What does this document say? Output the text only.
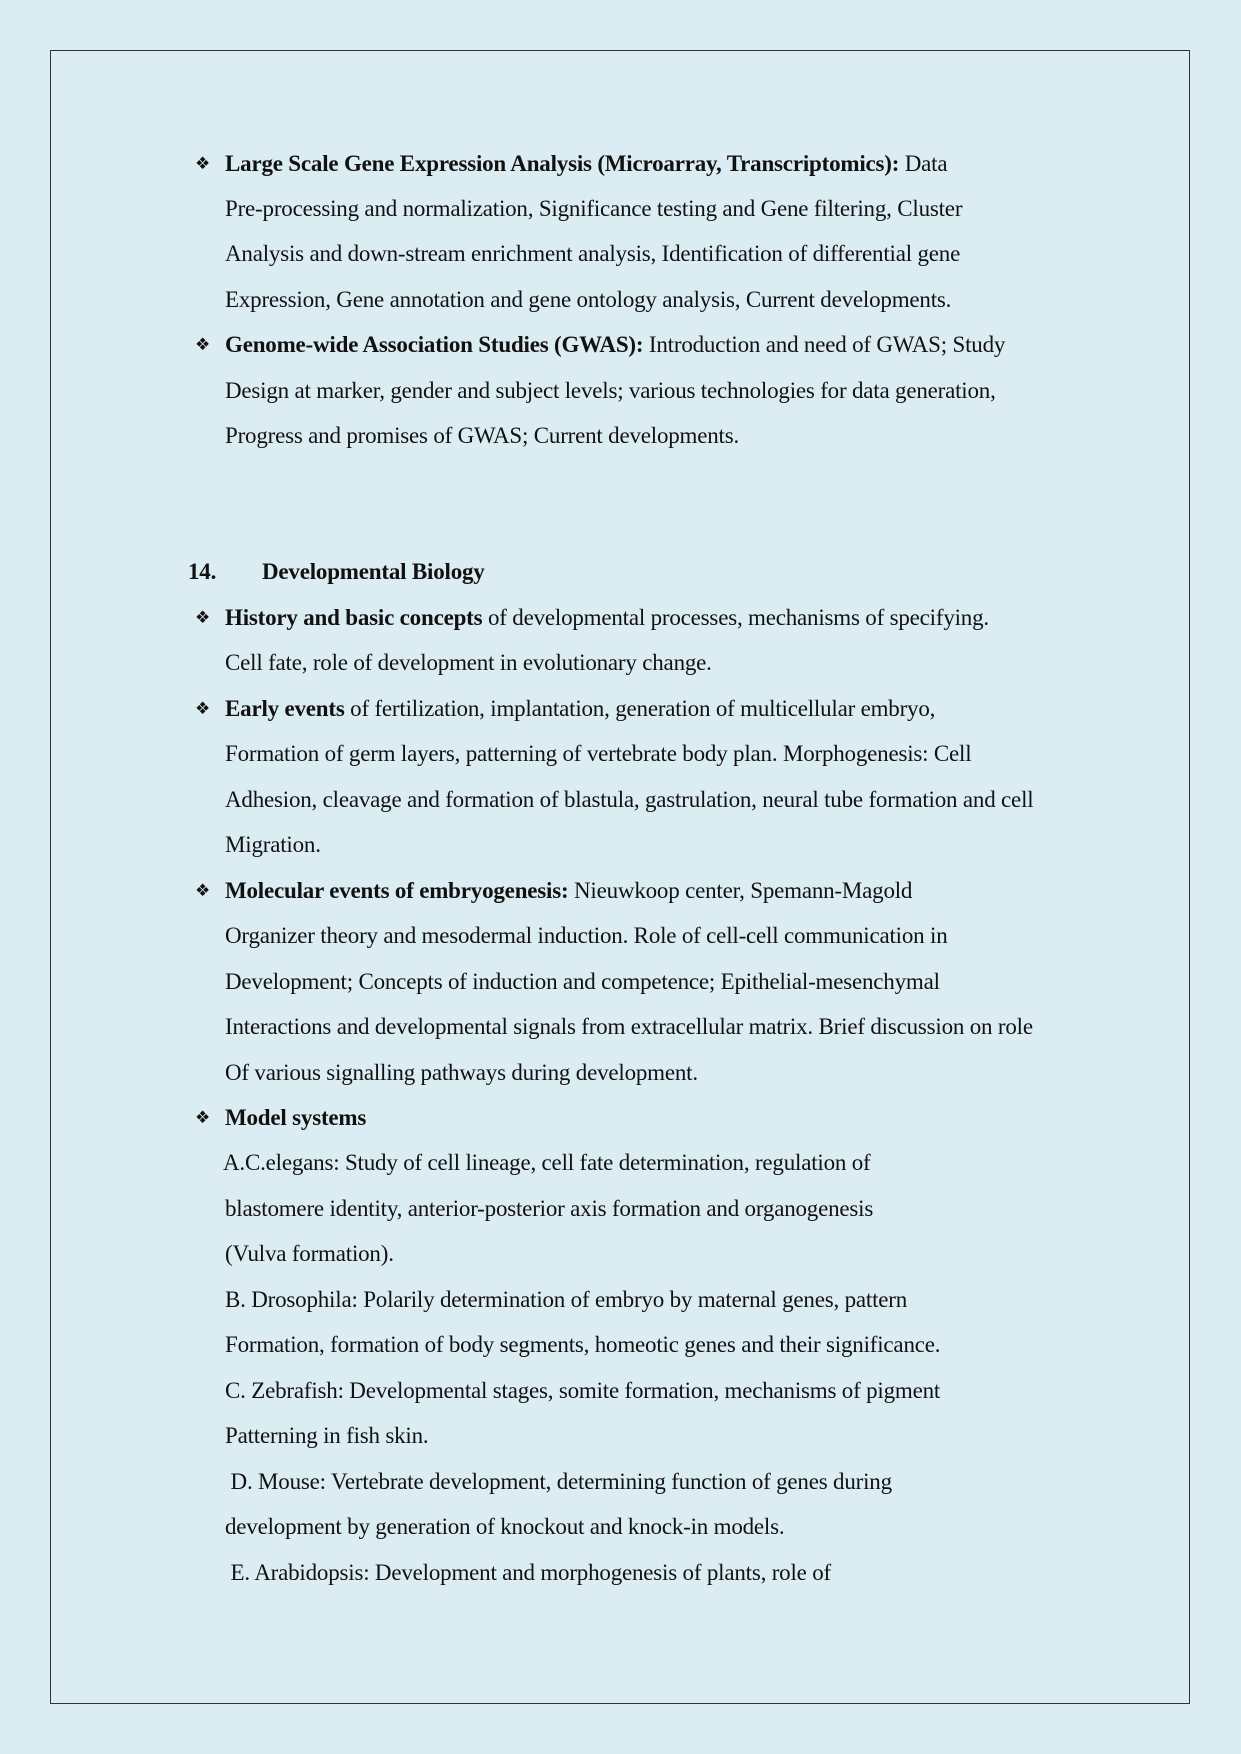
❖ Large Scale Gene Expression Analysis (Microarray, Transcriptomics): Data
Pre-processing and normalization, Significance testing and Gene filtering, Cluster
Analysis and down-stream enrichment analysis, Identification of differential gene
Expression, Gene annotation and gene ontology analysis, Current developments.
❖ Genome-wide Association Studies (GWAS): Introduction and need of GWAS; Study
Design at marker, gender and subject levels; various technologies for data generation,
Progress and promises of GWAS; Current developments.
14. Developmental Biology
❖ History and basic concepts of developmental processes, mechanisms of specifying.
Cell fate, role of development in evolutionary change.
❖ Early events of fertilization, implantation, generation of multicellular embryo,
Formation of germ layers, patterning of vertebrate body plan. Morphogenesis: Cell
Adhesion, cleavage and formation of blastula, gastrulation, neural tube formation and cell
Migration.
❖ Molecular events of embryogenesis: Nieuwkoop center, Spemann-Magold
Organizer theory and mesodermal induction. Role of cell-cell communication in
Development; Concepts of induction and competence; Epithelial-mesenchymal
Interactions and developmental signals from extracellular matrix. Brief discussion on role
Of various signalling pathways during development.
❖ Model systems
A.C.elegans: Study of cell lineage, cell fate determination, regulation of
blastomere identity, anterior-posterior axis formation and organogenesis
(Vulva formation).
B. Drosophila: Polarily determination of embryo by maternal genes, pattern
Formation, formation of body segments, homeotic genes and their significance.
C. Zebrafish: Developmental stages, somite formation, mechanisms of pigment
Patterning in fish skin.
D. Mouse: Vertebrate development, determining function of genes during
development by generation of knockout and knock-in models.
E. Arabidopsis: Development and morphogenesis of plants, role of
